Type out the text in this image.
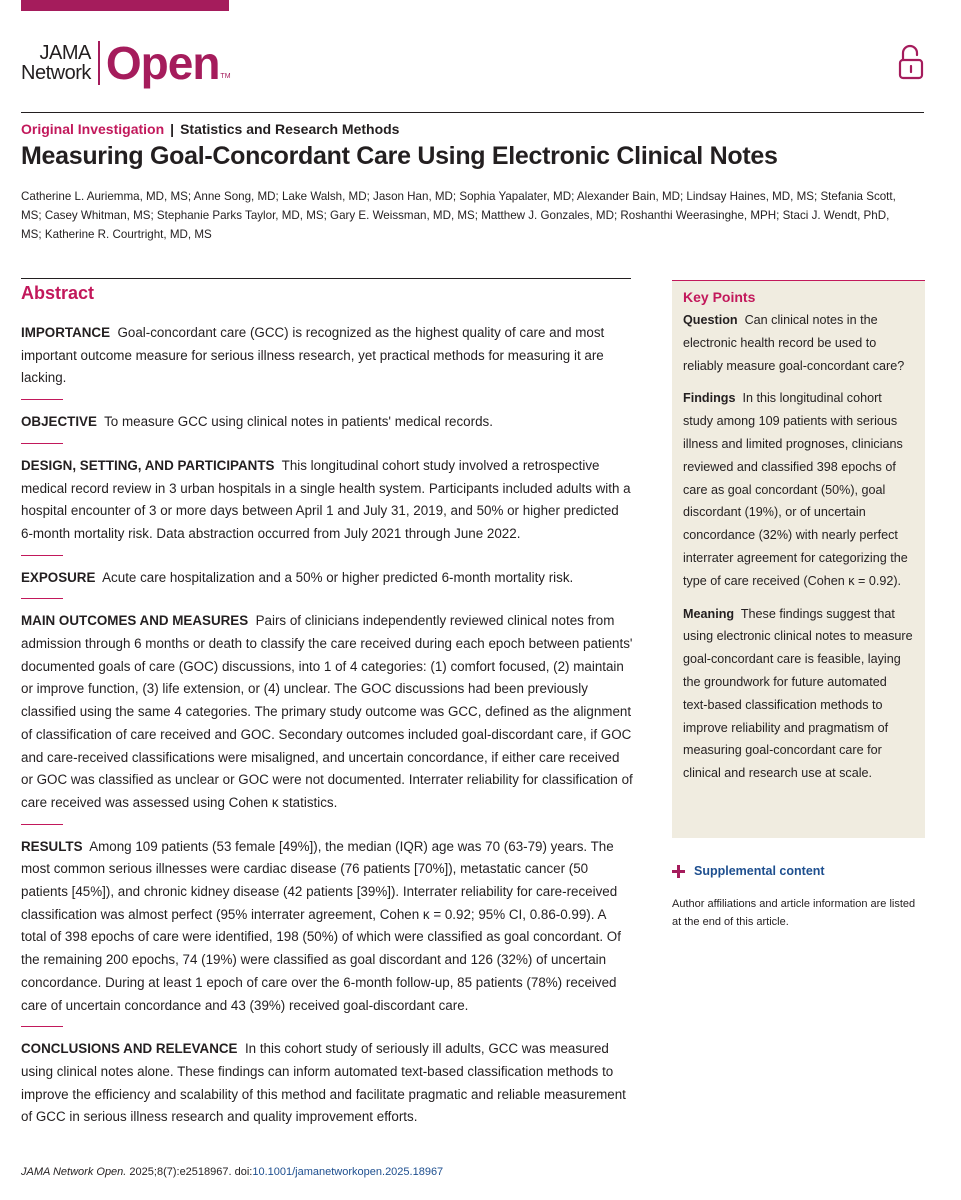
JAMA
Network Open TM
Original Investigation | Statistics and Research Methods
Measuring Goal-Concordant Care Using Electronic Clinical Notes

Catherine L. Auriemma, MD, MS; Anne Song, MD; Lake Walsh, MD; Jason Han, MD; Sophia Yapalater, MD; Alexander Bain, MD; Lindsay Haines, MD, MS; Stefania Scott, MS; Casey Whitman, MS; Stephanie Parks Taylor, MD, MS; Gary E. Weissman, MD, MS; Matthew J. Gonzales, MD; Roshanthi Weerasinghe, MPH; Staci J. Wendt, PhD, MS; Katherine R. Courtright, MD, MS

Abstract

IMPORTANCE Goal-concordant care (GCC) is recognized as the highest quality of care and most important outcome measure for serious illness research, yet practical methods for measuring it are lacking.

OBJECTIVE To measure GCC using clinical notes in patients' medical records.

DESIGN, SETTING, AND PARTICIPANTS This longitudinal cohort study involved a retrospective medical record review in 3 urban hospitals in a single health system. Participants included adults with a hospital encounter of 3 or more days between April 1 and July 31, 2019, and 50% or higher predicted 6-month mortality risk. Data abstraction occurred from July 2021 through June 2022.

EXPOSURE Acute care hospitalization and a 50% or higher predicted 6-month mortality risk.

MAIN OUTCOMES AND MEASURES Pairs of clinicians independently reviewed clinical notes from admission through 6 months or death to classify the care received during each epoch between patients' documented goals of care (GOC) discussions, into 1 of 4 categories: (1) comfort focused, (2) maintain or improve function, (3) life extension, or (4) unclear. The GOC discussions had been previously classified using the same 4 categories. The primary study outcome was GCC, defined as the alignment of classification of care received and GOC. Secondary outcomes included goal-discordant care, if GOC and care-received classifications were misaligned, and uncertain concordance, if either care received or GOC was classified as unclear or GOC were not documented. Interrater reliability for classification of care received was assessed using Cohen κ statistics.

RESULTS Among 109 patients (53 female [49%]), the median (IQR) age was 70 (63-79) years. The most common serious illnesses were cardiac disease (76 patients [70%]), metastatic cancer (50 patients [45%]), and chronic kidney disease (42 patients [39%]). Interrater reliability for care-received classification was almost perfect (95% interrater agreement, Cohen κ = 0.92; 95% CI, 0.86-0.99). A total of 398 epochs of care were identified, 198 (50%) of which were classified as goal concordant. Of the remaining 200 epochs, 74 (19%) were classified as goal discordant and 126 (32%) of uncertain concordance. During at least 1 epoch of care over the 6-month follow-up, 85 patients (78%) received care of uncertain concordance and 43 (39%) received goal-discordant care.

CONCLUSIONS AND RELEVANCE In this cohort study of seriously ill adults, GCC was measured using clinical notes alone. These findings can inform automated text-based classification methods to improve the efficiency and scalability of this method and facilitate pragmatic and reliable measurement of GCC in serious illness research and quality improvement efforts.

Key Points

Question Can clinical notes in the electronic health record be used to reliably measure goal-concordant care?

Findings In this longitudinal cohort study among 109 patients with serious illness and limited prognoses, clinicians reviewed and classified 398 epochs of care as goal concordant (50%), goal discordant (19%), or of uncertain concordance (32%) with nearly perfect interrater agreement for categorizing the type of care received (Cohen κ = 0.92).

Meaning These findings suggest that using electronic clinical notes to measure goal-concordant care is feasible, laying the groundwork for future automated text-based classification methods to improve reliability and pragmatism of measuring goal-concordant care for clinical and research use at scale.

Supplemental content

Author affiliations and article information are listed at the end of this article.

JAMA Network Open. 2025;8(7):e2518967. doi:10.1001/jamanetworkopen.2025.18967
